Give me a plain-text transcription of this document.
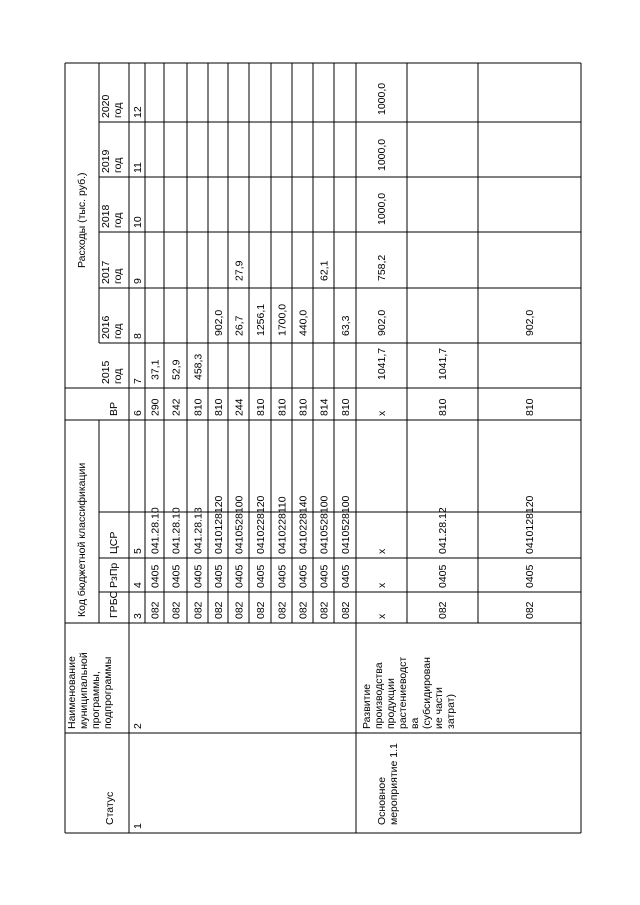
Статус
Наименование муниципальной программы, подпрограммы
Код бюджетной классификации
Расходы (тыс. руб.)
ГРБС
РзПр
ЦСР
ВР
2015 год
2016 год
2017 год
2018 год
2019 год
2020 год
1
2
3
4
5
6
7
8
9
10
11
12
082
0405
041.28.10
290
37,1
082
0405
041.28.10
242
52,9
082
0405
041.28.13
810
458,3
082
0405
0410128120
810
902,0
082
0405
0410528100
244
26,7
27,9
082
0405
0410228120
810
1256,1
082
0405
0410228110
810
1700,0
082
0405
0410228140
810
440,0
082
0405
0410528100
814
62,1
082
0405
0410528100
810
63,3
Основное мероприятие 1.1
Развитие производства продукции растениеводст ва (субсидирован ие части затрат)
х
х
х
х
1041,7
902,0
758,2
1000,0
1000,0
1000,0
082
0405
041.28.12
810
1041,7
082
0405
0410128120
810
902,0
